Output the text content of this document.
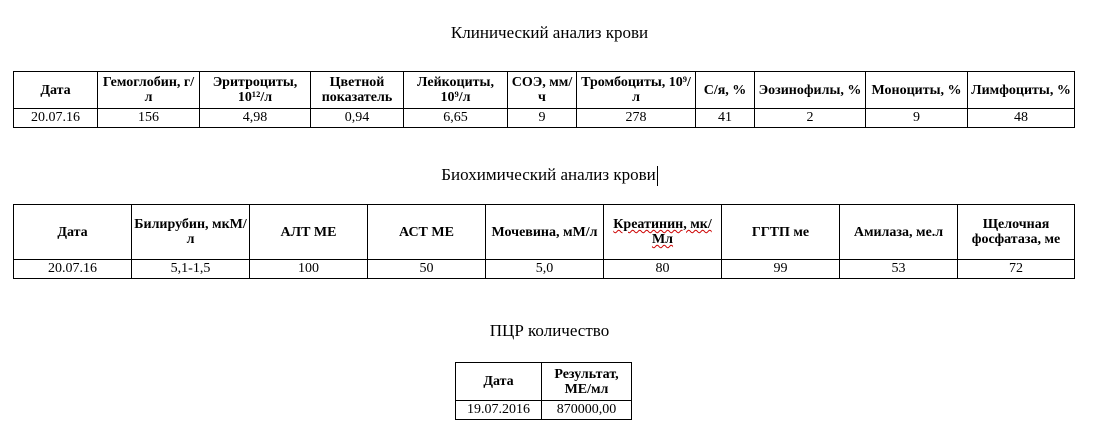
Клинический анализ крови
Дата	Гемоглобин, г/л	Эритроциты, 10¹²/л	Цветной показатель	Лейкоциты, 10⁹/л	СОЭ, мм/ч	Тромбоциты, 10⁹/л	С/я, %	Эозинофилы, %	Моноциты, %	Лимфоциты, %
20.07.16	156	4,98	0,94	6,65	9	278	41	2	9	48
Биохимический анализ крови
Дата	Билирубин, мкМ/л	АЛТ МЕ	АСТ МЕ	Мочевина, мМ/л	Креатинин, мк/Мл	ГГТП ме	Амилаза, ме.л	Щелочная фосфатаза, ме
20.07.16	5,1-1,5	100	50	5,0	80	99	53	72
ПЦР количество
Дата	Результат, МЕ/мл
19.07.2016	870000,00
